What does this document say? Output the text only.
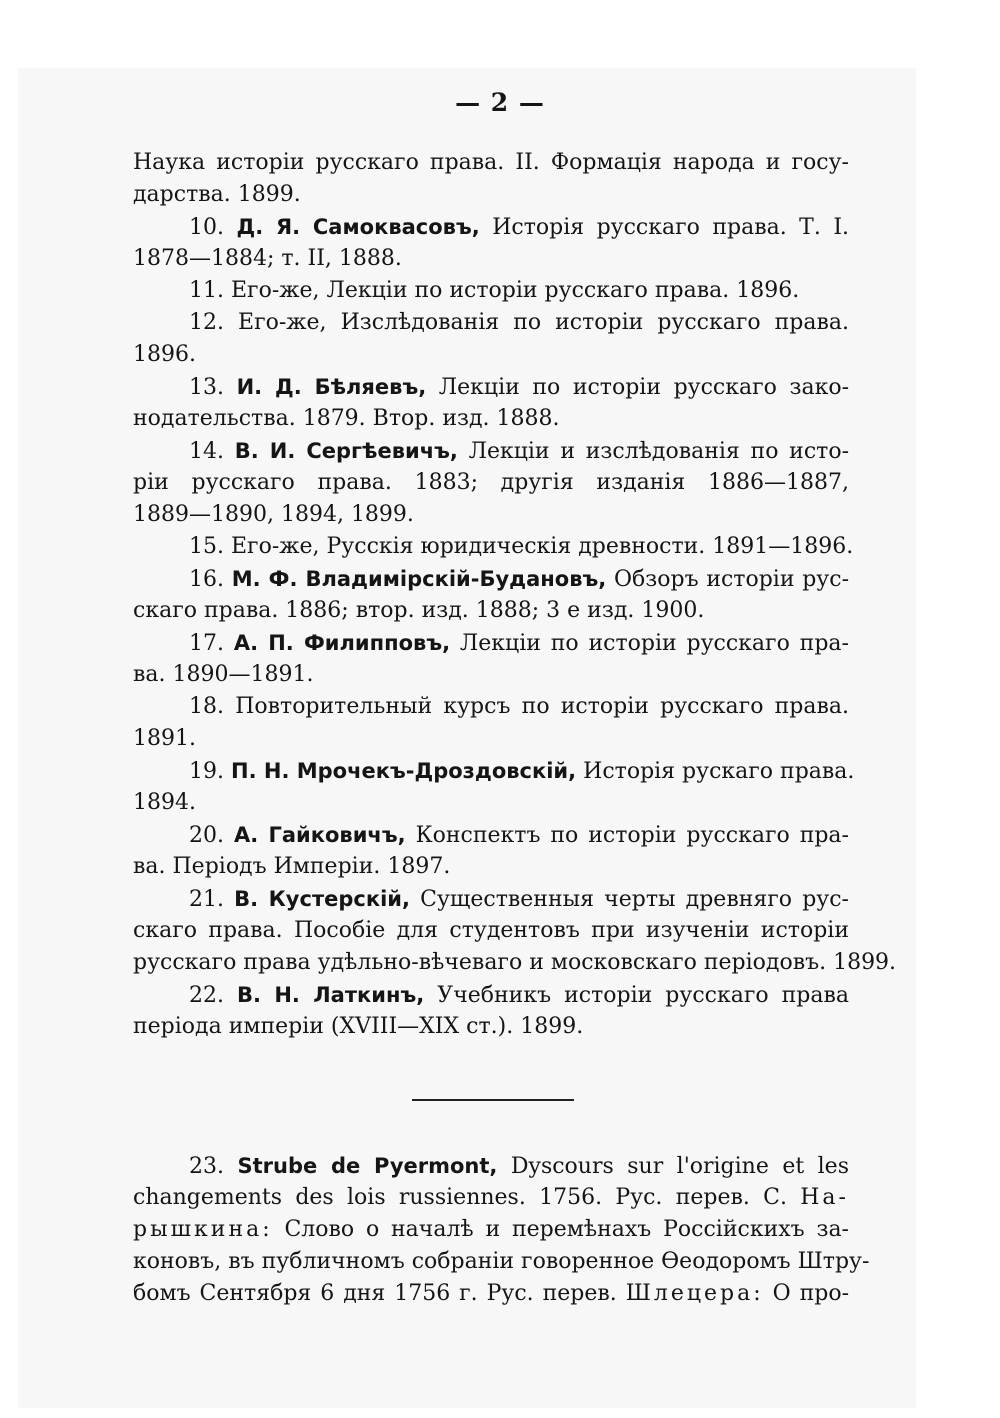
— 2 —
Наука исторіи русскаго права. II. Формація народа и госу-
дарства. 1899.
10. Д. Я. Самоквасовъ, Исторія русскаго права. Т. I.
1878—1884; т. II, 1888.
11. Его-же, Лекціи по исторіи русскаго права. 1896.
12. Его-же, Изслѣдованія по исторіи русскаго права.
1896.
13. И. Д. Бѣляевъ, Лекціи по исторіи русскаго зако-
нодательства. 1879. Втор. изд. 1888.
14. В. И. Сергѣевичъ, Лекціи и изслѣдованія по исто-
ріи русскаго права. 1883; другія изданія 1886—1887,
1889—1890, 1894, 1899.
15. Его-же, Русскія юридическія древности. 1891—1896.
16. М. Ф. Владимірскій-Будановъ, Обзоръ исторіи рус-
скаго права. 1886; втор. изд. 1888; 3 е изд. 1900.
17. А. П. Филипповъ, Лекціи по исторіи русскаго пра-
ва. 1890—1891.
18. Повторительный курсъ по исторіи русскаго права.
1891.
19. П. Н. Мрочекъ-Дроздовскій, Исторія рускаго права.
1894.
20. А. Гайковичъ, Конспектъ по исторіи русскаго пра-
ва. Періодъ Имперіи. 1897.
21. В. Кустерскій, Существенныя черты древняго рус-
скаго права. Пособіе для студентовъ при изученіи исторіи
русскаго права удѣльно-вѣчеваго и московскаго періодовъ. 1899.
22. В. Н. Латкинъ, Учебникъ исторіи русскаго права
періода имперіи (XVIII—XIX ст.). 1899.
23. Strube de Pyermont, Dyscours sur l'origine et les
changements des lois russiennes. 1756. Рус. перев. С. На-
рышкина: Слово о началѣ и перемѣнахъ Россійскихъ за-
коновъ, въ публичномъ собраніи говоренное Ѳеодоромъ Штру-
бомъ Сентября 6 дня 1756 г. Рус. перев. Шлецера: О про-
